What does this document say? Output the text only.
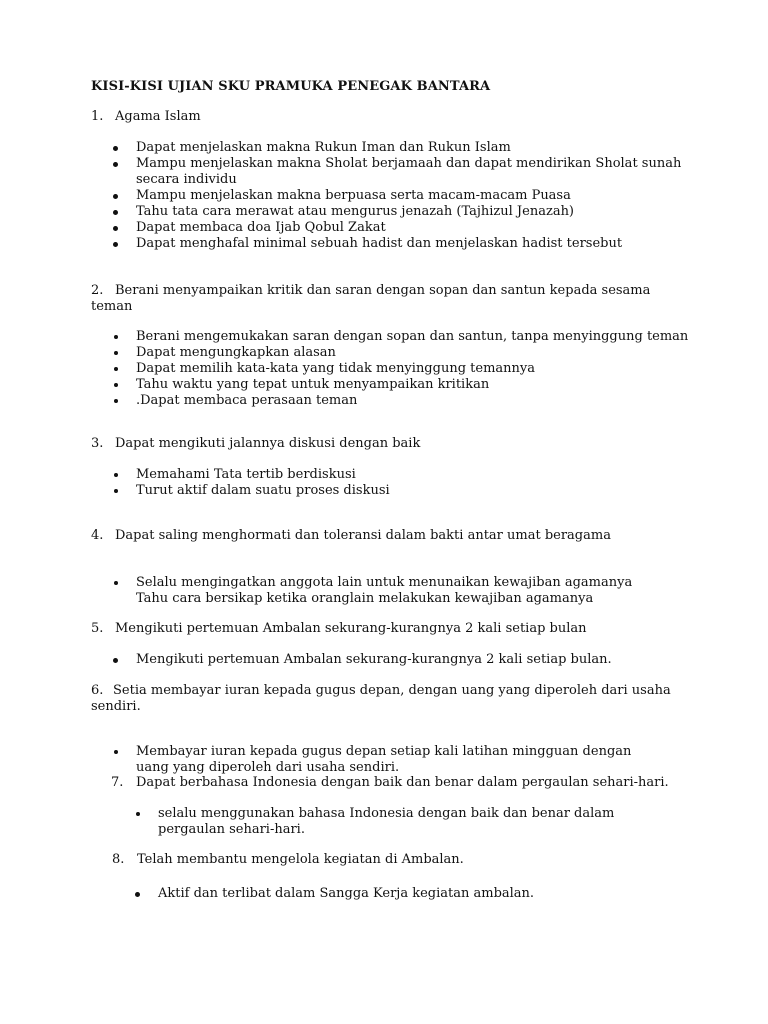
KISI-KISI UJIAN SKU PRAMUKA PENEGAK BANTARA
1. Agama Islam
Dapat menjelaskan makna Rukun Iman dan Rukun Islam
Mampu menjelaskan makna Sholat berjamaah dan dapat mendirikan Sholat sunah secara individu
Mampu menjelaskan makna berpuasa serta macam-macam Puasa
Tahu tata cara merawat atau mengurus jenazah (Tajhizul Jenazah)
Dapat membaca doa Ijab Qobul Zakat
Dapat menghafal minimal sebuah hadist dan menjelaskan hadist tersebut
2. Berani menyampaikan kritik dan saran dengan sopan dan santun kepada sesama teman
Berani mengemukakan saran dengan sopan dan santun, tanpa menyinggung teman
Dapat mengungkapkan alasan
Dapat memilih kata-kata yang tidak menyinggung temannya
Tahu waktu yang tepat untuk menyampaikan kritikan
.Dapat membaca perasaan teman
3. Dapat mengikuti jalannya diskusi dengan baik
Memahami Tata tertib berdiskusi
Turut aktif dalam suatu proses diskusi
4. Dapat saling menghormati dan toleransi dalam bakti antar umat beragama
Selalu mengingatkan anggota lain untuk menunaikan kewajiban agamanya Tahu cara bersikap ketika oranglain melakukan kewajiban agamanya
5. Mengikuti pertemuan Ambalan sekurang-kurangnya 2 kali setiap bulan
Mengikuti pertemuan Ambalan sekurang-kurangnya 2 kali setiap bulan.
6. Setia membayar iuran kepada gugus depan, dengan uang yang diperoleh dari usaha sendiri.
Membayar iuran kepada gugus depan setiap kali latihan mingguan dengan uang yang diperoleh dari usaha sendiri.
7. Dapat berbahasa Indonesia dengan baik dan benar dalam pergaulan sehari-hari.
selalu menggunakan bahasa Indonesia dengan baik dan benar dalam pergaulan sehari-hari.
8. Telah membantu mengelola kegiatan di Ambalan.
Aktif dan terlibat dalam Sangga Kerja kegiatan ambalan.
